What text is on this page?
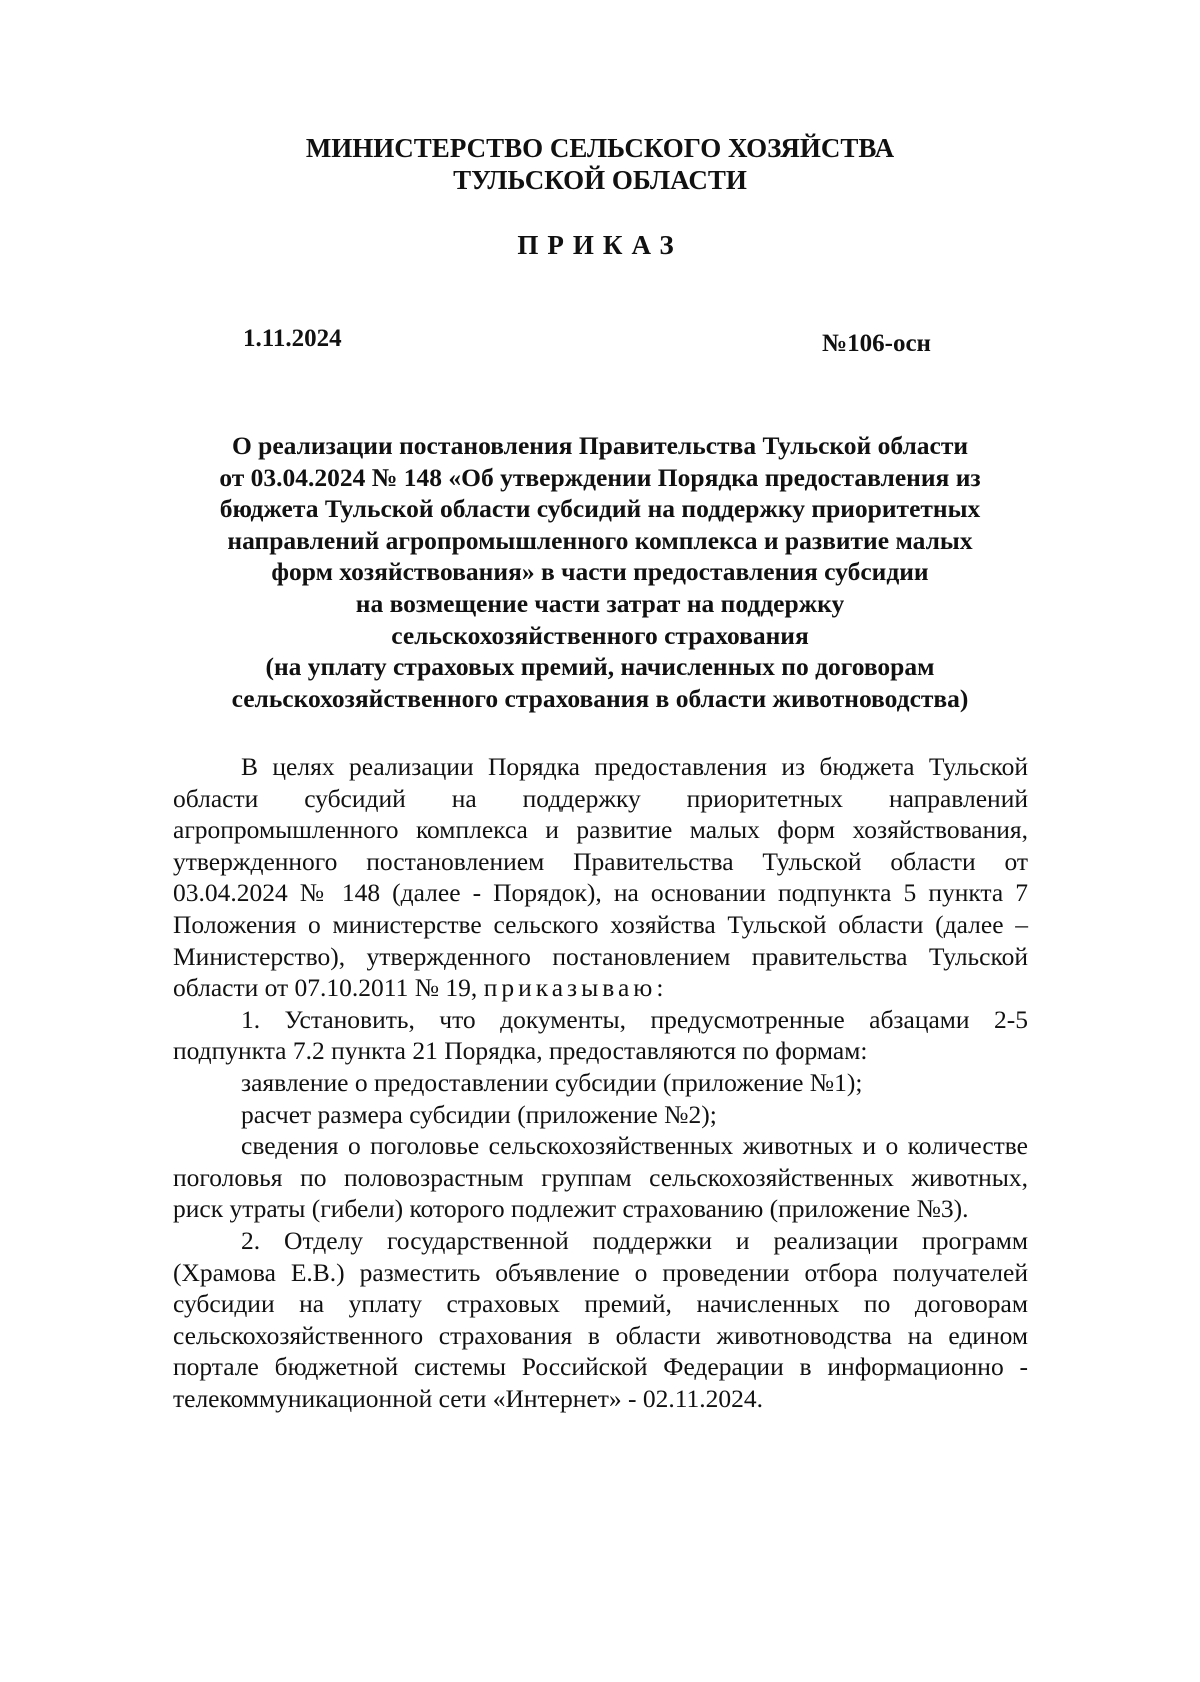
МИНИСТЕРСТВО СЕЛЬСКОГО ХОЗЯЙСТВА
ТУЛЬСКОЙ ОБЛАСТИ
ПРИКАЗ
1.11.2024	№106-осн
О реализации постановления Правительства Тульской области
от 03.04.2024 № 148 «Об утверждении Порядка предоставления из
бюджета Тульской области субсидий на поддержку приоритетных
направлений агропромышленного комплекса и развитие малых
форм хозяйствования» в части предоставления субсидии
на возмещение части затрат на поддержку
сельскохозяйственного страхования
(на уплату страховых премий, начисленных по договорам
сельскохозяйственного страхования в области животноводства)

В целях реализации Порядка предоставления из бюджета Тульской области субсидий на поддержку приоритетных направлений агропромышленного комплекса и развитие малых форм хозяйствования, утвержденного постановлением Правительства Тульской области от 03.04.2024 № 148 (далее - Порядок), на основании подпункта 5 пункта 7 Положения о министерстве сельского хозяйства Тульской области (далее – Министерство), утвержденного постановлением правительства Тульской области от 07.10.2011 № 19, приказываю:

1. Установить, что документы, предусмотренные абзацами 2-5 подпункта 7.2 пункта 21 Порядка, предоставляются по формам:

заявление о предоставлении субсидии (приложение №1);

расчет размера субсидии (приложение №2);

сведения о поголовье сельскохозяйственных животных и о количестве поголовья по половозрастным группам сельскохозяйственных животных, риск утраты (гибели) которого подлежит страхованию (приложение №3).

2. Отделу государственной поддержки и реализации программ (Храмова Е.В.) разместить объявление о проведении отбора получателей субсидии на уплату страховых премий, начисленных по договорам сельскохозяйственного страхования в области животноводства на едином портале бюджетной системы Российской Федерации в информационно - телекоммуникационной сети «Интернет» - 02.11.2024.
